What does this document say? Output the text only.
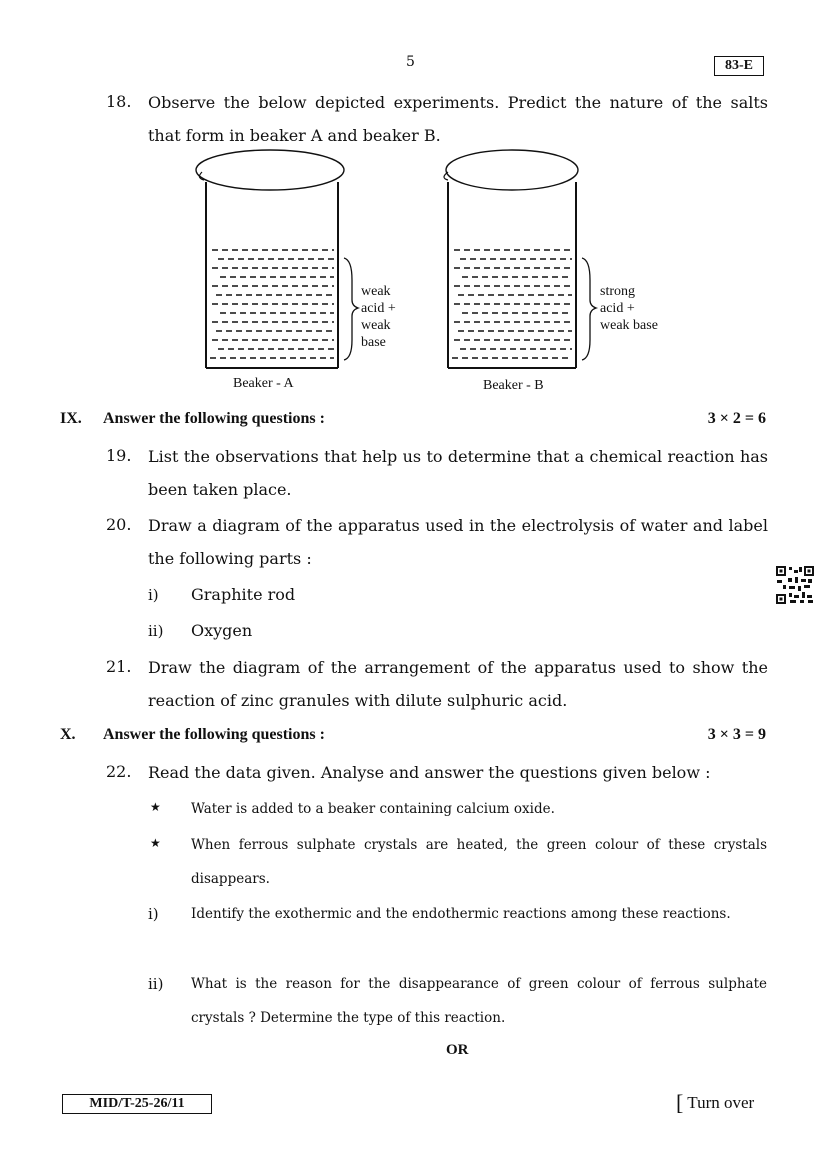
5	83-E
18. Observe the below depicted experiments. Predict the nature of the salts that form in beaker A and beaker B.
weak
acid +
weak
base
Beaker - A
strong
acid +
weak base
Beaker - B
IX. Answer the following questions :	3 × 2 = 6
19. List the observations that help us to determine that a chemical reaction has been taken place.
20. Draw a diagram of the apparatus used in the electrolysis of water and label the following parts :
i) Graphite rod
ii) Oxygen
21. Draw the diagram of the arrangement of the apparatus used to show the reaction of zinc granules with dilute sulphuric acid.
X. Answer the following questions :	3 × 3 = 9
22. Read the data given. Analyse and answer the questions given below :
★ Water is added to a beaker containing calcium oxide.
★ When ferrous sulphate crystals are heated, the green colour of these crystals disappears.
i) Identify the exothermic and the endothermic reactions among these reactions.
ii) What is the reason for the disappearance of green colour of ferrous sulphate crystals ? Determine the type of this reaction.
OR
MID/T-25-26/11	[ Turn over
